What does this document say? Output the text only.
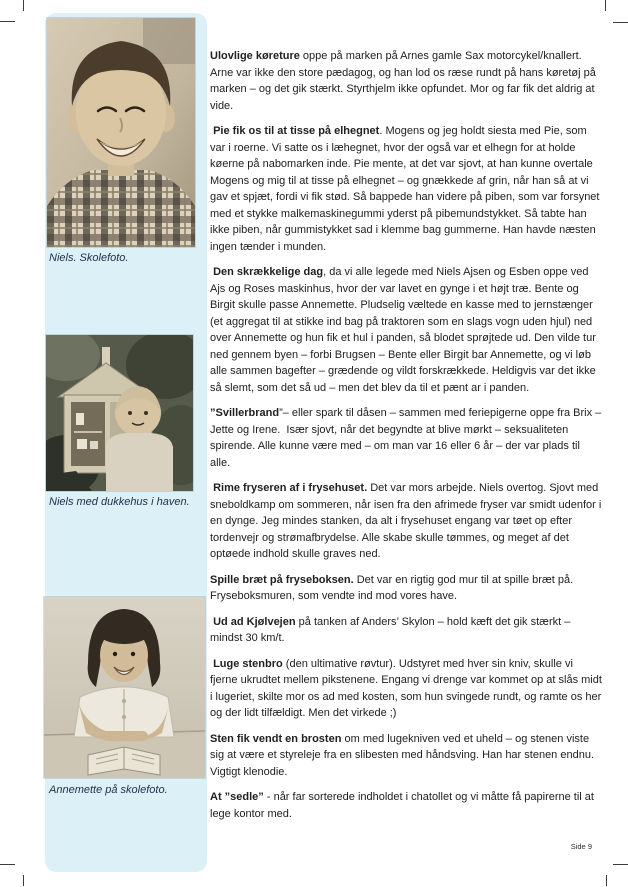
Niels. Skolefoto.
Niels med dukkehus i haven.
Annemette på skolefoto.

Ulovlige køreture oppe på marken på Arnes gamle Sax motorcykel/knallert. Arne var ikke den store pædagog, og han lod os ræse rundt på hans køretøj på marken – og det gik stærkt. Styrthjelm ikke opfundet. Mor og far fik det aldrig at vide.

Pie fik os til at tisse på elhegnet. Mogens og jeg holdt siesta med Pie, som var i roerne. Vi satte os i læhegnet, hvor der også var et elhegn for at holde køerne på nabomarken inde. Pie mente, at det var sjovt, at han kunne overtale Mogens og mig til at tisse på elhegnet – og gnækkede af grin, når han så at vi gav et spjæt, fordi vi fik stød. Så bappede han videre på piben, som var forsynet med et stykke malkemaskinegummi yderst på pibemundstykket. Så tabte han ikke piben, når gummistykket sad i klemme bag gummerne. Han havde næsten ingen tænder i munden.

Den skrækkelige dag, da vi alle legede med Niels Ajsen og Esben oppe ved Ajs og Roses maskinhus, hvor der var lavet en gynge i et højt træ. Bente og Birgit skulle passe Annemette. Pludselig væltede en kasse med to jernstænger (et aggregat til at stikke ind bag på traktoren som en slags vogn uden hjul) ned over Annemette og hun fik et hul i panden, så blodet sprøjtede ud. Den vilde tur ned gennem byen – forbi Brugsen – Bente eller Birgit bar Annemette, og vi løb alle sammen bagefter – grædende og vildt forskrækkede. Heldigvis var det ikke så slemt, som det så ud – men det blev da til et pænt ar i panden.

”Svillerbrand”– eller spark til dåsen – sammen med feriepigerne oppe fra Brix – Jette og Irene.  Især sjovt, når det begyndte at blive mørkt – seksualiteten spirende. Alle kunne være med – om man var 16 eller 6 år – der var plads til alle.

Rime fryseren af i frysehuset. Det var mors arbejde. Niels overtog. Sjovt med sneboldkamp om sommeren, når isen fra den afrimede fryser var smidt udenfor i en dynge. Jeg mindes stanken, da alt i frysehuset engang var tøet op efter tordenvejr og strømafbrydelse. Alle skabe skulle tømmes, og meget af det optøede indhold skulle graves ned.

Spille bræt på fryseboksen. Det var en rigtig god mur til at spille bræt på. Fryseboksmuren, som vendte ind mod vores have.

Ud ad Kjølvejen på tanken af Anders’ Skylon – hold kæft det gik stærkt – mindst 30 km/t.

Luge stenbro (den ultimative røvtur). Udstyret med hver sin kniv, skulle vi fjerne ukrudtet mellem pikstenene. Engang vi drenge var kommet op at slås midt i lugeriet, skilte mor os ad med kosten, som hun svingede rundt, og ramte os her og der lidt tilfældigt. Men det virkede ;)

Sten fik vendt en brosten om med lugekniven ved et uheld – og stenen viste sig at være et styreleje fra en slibesten med håndsving. Han har stenen endnu. Vigtigt klenodie.

At ”sedle” - når far sorterede indholdet i chatollet og vi måtte få papirerne til at lege kontor med.

Side 9
